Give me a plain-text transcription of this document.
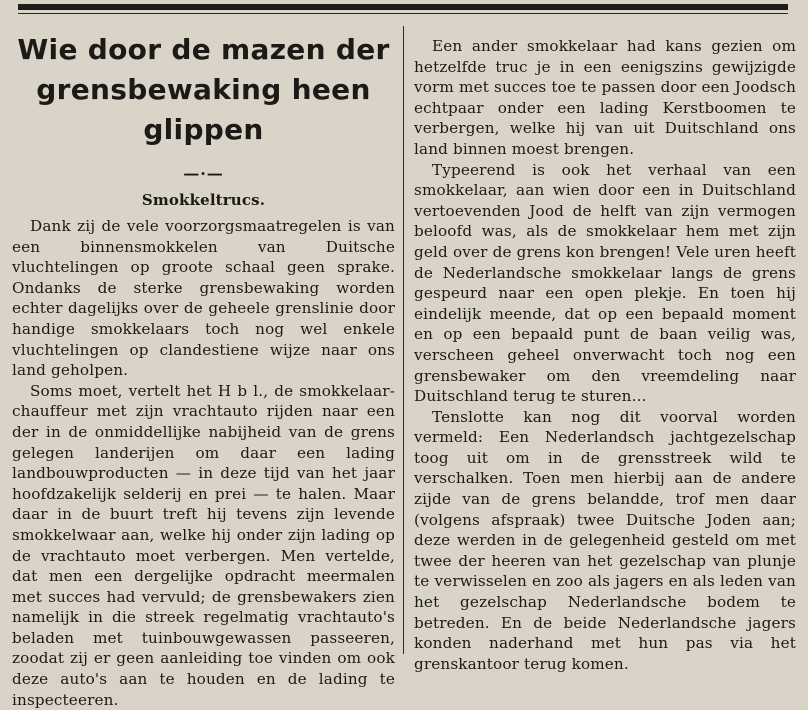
Wie door de mazen der
grensbewaking heen glippen
—·—
Smokkeltrucs.

Dank zij de vele voorzorgsmaatregelen is van een binnensmokkelen van Duitsche vluchtelingen op groote schaal geen sprake. Ondanks de sterke grensbewaking worden echter dagelijks over de geheele grenslinie door handige smokkelaars toch nog wel enkele vluchtelingen op clandestiene wijze naar ons land geholpen.

Soms moet, vertelt het H b l., de smokkelaar-chauffeur met zijn vrachtauto rijden naar een der in de onmiddellijke nabijheid van de grens gelegen landerijen om daar een lading landbouwproducten — in deze tijd van het jaar hoofdzakelijk selderij en prei — te halen. Maar daar in de buurt treft hij tevens zijn levende smokkelwaar aan, welke hij onder zijn lading op de vrachtauto moet verbergen. Men vertelde, dat men een dergelijke opdracht meermalen met succes had vervuld; de grensbewakers zien namelijk in die streek regelmatig vrachtauto's beladen met tuinbouwgewassen passeeren, zoodat zij er geen aanleiding toe vinden om ook deze auto's aan te houden en de lading te inspecteeren.

Een ander smokkelaar had kans gezien om hetzelfde truc je in een eenigszins gewijzigde vorm met succes toe te passen door een Joodsch echtpaar onder een lading Kerstboomen te verbergen, welke hij van uit Duitschland ons land binnen moest brengen.

Typeerend is ook het verhaal van een smokkelaar, aan wien door een in Duitschland vertoevenden Jood de helft van zijn vermogen beloofd was, als de smokkelaar hem met zijn geld over de grens kon brengen! Vele uren heeft de Nederlandsche smokkelaar langs de grens gespeurd naar een open plekje. En toen hij eindelijk meende, dat op een bepaald moment en op een bepaald punt de baan veilig was, verscheen geheel onverwacht toch nog een grensbewaker om den vreemdeling naar Duitschland terug te sturen...

Tenslotte kan nog dit voorval worden vermeld: Een Nederlandsch jachtgezelschap toog uit om in de grensstreek wild te verschalken. Toen men hierbij aan de andere zijde van de grens belandde, trof men daar (volgens afspraak) twee Duitsche Joden aan; deze werden in de gelegenheid gesteld om met twee der heeren van het gezelschap van plunje te verwisselen en zoo als jagers en als leden van het gezelschap Nederlandsche bodem te betreden. En de beide Nederlandsche jagers konden naderhand met hun pas via het grenskantoor terug komen.
